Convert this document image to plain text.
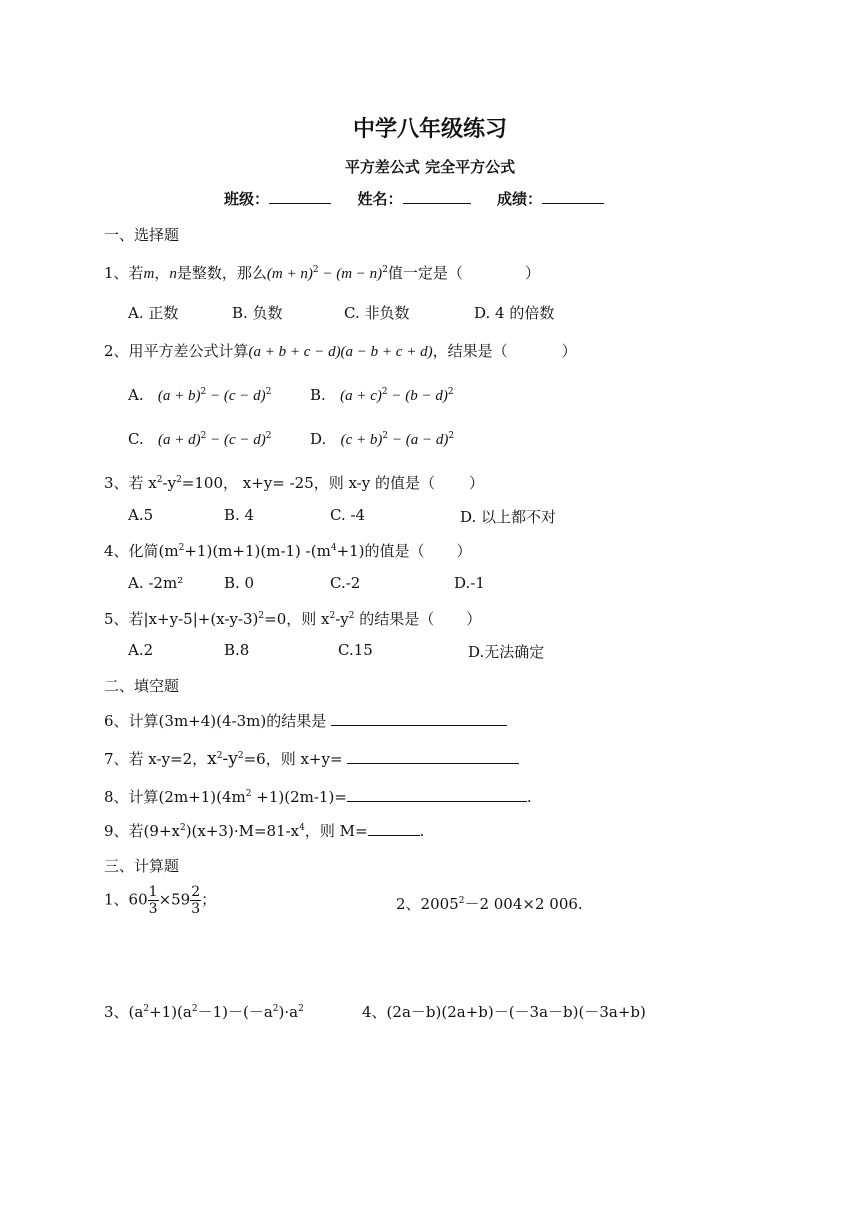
中学八年级练习
平方差公式 完全平方公式
班级：	姓名：	成绩：
一、选择题
1、若m，n是整数，那么$(m + n)^2 - (m - n)^2$值一定是（	）
A. 正数	B. 负数	C. 非负数	D. 4 的倍数
2、用平方差公式计算(a + b + c − d)(a − b + c + d)，结果是（	）
A. $(a + b)^2 - (c - d)^2$	B. $(a + c)^2 - (b - d)^2$
C. $(a + d)^2 - (c - d)^2$	D. $(c + b)^2 - (a - d)^2$
3、若 $x^2-y^2=100$， x+y= -25，则 x-y 的值是（ ）
A.5	B. 4	C. -4	D. 以上都不对
4、化简$(m^2+1)(m+1)(m-1)$ $-(m^4+1)$的值是（ ）
A. -2m²	B. 0	C.-2	D.-1
5、若$|x+y-5|+(x-y-3)^2=0$，则 $x^2-y^2$ 的结果是（ ）
A.2	B.8	C.15	D.无法确定
二、填空题
6、计算(3m+4)(4-3m)的结果是
7、若 x-y=2，$x^2-y^2=6$，则 x+y=
8、计算$(2m+1)(4m^2 +1)(2m-1)=$	.
9、若$(9+x^2)(x+3)\cdot M=81-x^4$，则 M=	.
三、计算题
1、$60 \frac{1}{3} \times 59 \frac{2}{3}$ ；	2、$2005^2-2$ 004×2 006.
3、$(a^2+1)(a^2-1)-(-a^2)\cdot a^2$	4、(2a－b)(2a+b)－(－3a－b)(－3a+b)
